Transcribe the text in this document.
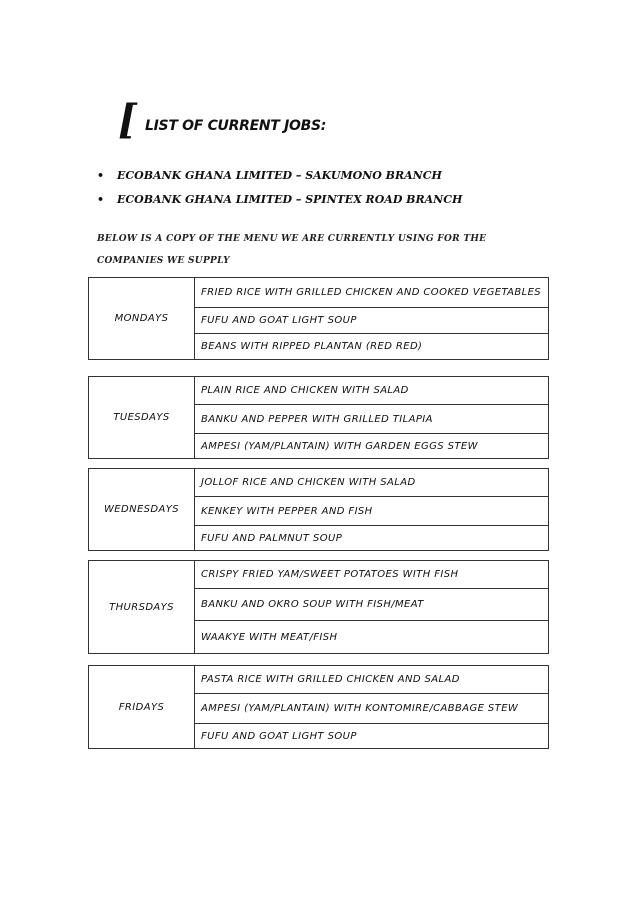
[ LIST OF CURRENT JOBS:
• ECOBANK GHANA LIMITED – SAKUMONO BRANCH
• ECOBANK GHANA LIMITED – SPINTEX ROAD BRANCH
BELOW IS A COPY OF THE MENU WE ARE CURRENTLY USING FOR THE COMPANIES WE SUPPLY
MONDAYS	FRIED RICE WITH GRILLED CHICKEN AND COOKED VEGETABLES
FUFU AND GOAT LIGHT SOUP
BEANS WITH RIPPED PLANTAN (RED RED)
TUESDAYS	PLAIN RICE AND CHICKEN WITH SALAD
BANKU AND PEPPER WITH GRILLED TILAPIA
AMPESI (YAM/PLANTAIN) WITH GARDEN EGGS STEW
WEDNESDAYS	JOLLOF RICE AND CHICKEN WITH SALAD
KENKEY WITH PEPPER AND FISH
FUFU AND PALMNUT SOUP
THURSDAYS	CRISPY FRIED YAM/SWEET POTATOES WITH FISH
BANKU AND OKRO SOUP WITH FISH/MEAT
WAAKYE WITH MEAT/FISH
FRIDAYS	PASTA RICE WITH GRILLED CHICKEN AND SALAD
AMPESI (YAM/PLANTAIN) WITH KONTOMIRE/CABBAGE STEW
FUFU AND GOAT LIGHT SOUP
